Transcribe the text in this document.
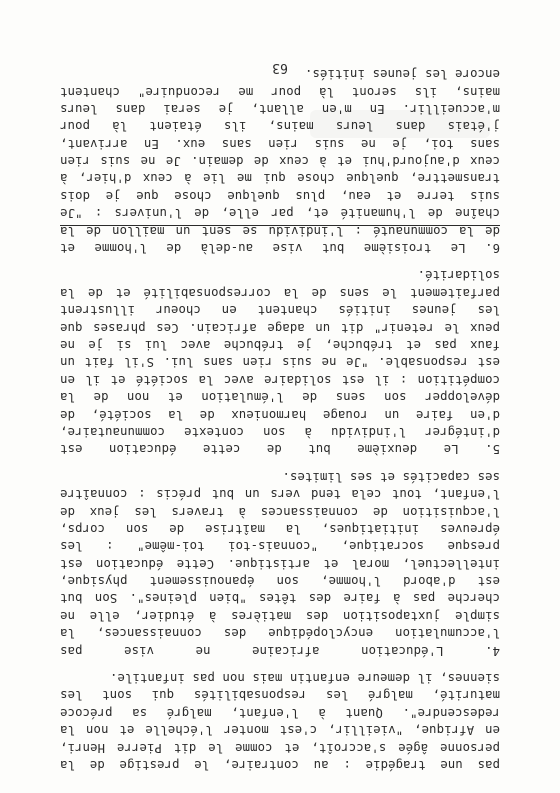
pas une tragédie : au contraire, le prestige de la
personne âgée s'accroît, et comme le dit Pierre Henri,
en Afrique, "vieillir, c'est monter l'échelle et non la
redescendre". Quant à l'enfant, malgré sa précoce
maturité, malgré les responsabilités qui sont les
siennes, il demeure enfantin mais non pas infantile.
4. L'éducation africaine ne vise pas
l'accumulation encyclopédique des connaissances, la
simple juxtaposition des matières à étudier, elle ne
cherche pas à faire des têtes "bien pleines". Son but
est d'abord l'homme, son épanouissement physique,
intellectuel, moral et artistique. Cette éducation est
presque socratique, "connais-toi toi-même" : les
épreuves initiatiques, la maîtrise de son corps,
l'acquisition de connaissances à travers les jeux de
l'enfant, tout cela tend vers un but précis : connaître
ses capacités et ses limites.
5. Le deuxième but de cette éducation est
d'intégrer l'individu à son contexte communautaire,
d'en faire un rouage harmonieux de la société, de
développer son sens de l'émulation et non de la
compétition : il est solidaire avec la société et il en
est responsable. "Je ne suis rien sans lui. S'il fait un
faux pas et trébuche, je trébuche avec lui si je ne
peux le retenir" dit un adage africain. Ces phrases que
les jeunes initiés chantent en choeur illustrent
parfaitement le sens de la corresponsabilité et de la
solidarité.
6. Le troisième but vise au-delà de l'homme et
de la communauté : l'individu se sent un maillon de la
chaîne de l'humanité et, par elle, de l'univers : "Je
suis terre et eau, plus quelque chose que je dois
transmettre, quelque chose qui me lie à ceux d'hier, à
ceux d'aujourd'hui et à ceux de demain. Je ne suis rien
sans toi, je ne suis rien sans eux. En arrivant,
j'étais dans leurs mains, ils étaient là pour
m'accueillir. En m'en allant, je serai dans leurs
mains, ils seront là pour me reconduire" chantent
encore les jeunes initiés.
63
